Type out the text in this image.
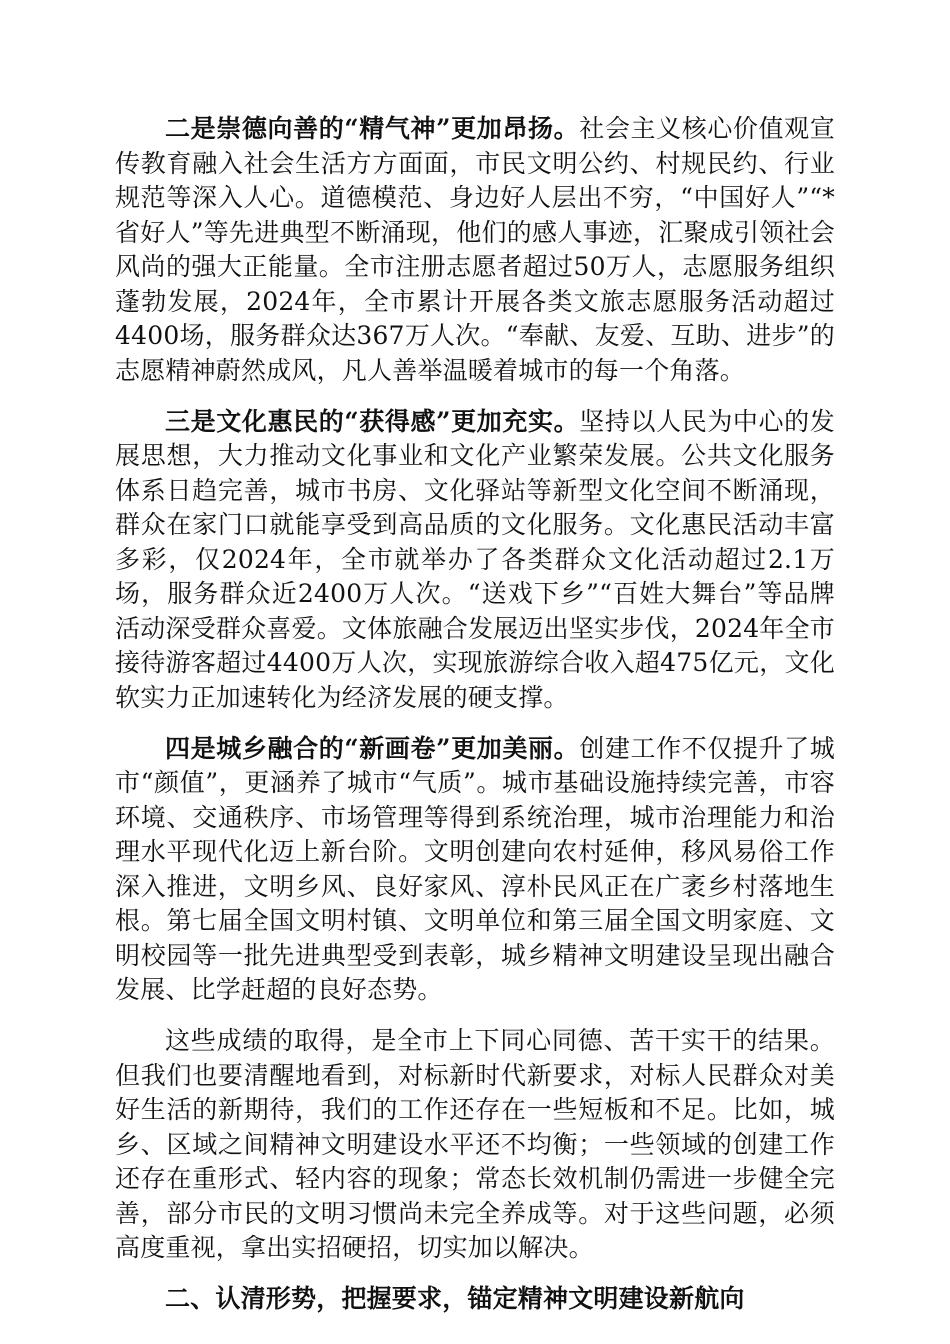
二是崇德向善的“精气神”更加昂扬。社会主义核心价值观宣传教育融入社会生活方方面面，市民文明公约、村规民约、行业规范等深入人心。道德模范、身边好人层出不穷，“中国好人”“*省好人”等先进典型不断涌现，他们的感人事迹，汇聚成引领社会风尚的强大正能量。全市注册志愿者超过50万人，志愿服务组织蓬勃发展，2024年，全市累计开展各类文旅志愿服务活动超过4400场，服务群众达367万人次。“奉献、友爱、互助、进步”的志愿精神蔚然成风，凡人善举温暖着城市的每一个角落。

三是文化惠民的“获得感”更加充实。坚持以人民为中心的发展思想，大力推动文化事业和文化产业繁荣发展。公共文化服务体系日趋完善，城市书房、文化驿站等新型文化空间不断涌现，群众在家门口就能享受到高品质的文化服务。文化惠民活动丰富多彩，仅2024年，全市就举办了各类群众文化活动超过2.1万场，服务群众近2400万人次。“送戏下乡”“百姓大舞台”等品牌活动深受群众喜爱。文体旅融合发展迈出坚实步伐，2024年全市接待游客超过4400万人次，实现旅游综合收入超475亿元，文化软实力正加速转化为经济发展的硬支撑。

四是城乡融合的“新画卷”更加美丽。创建工作不仅提升了城市“颜值”，更涵养了城市“气质”。城市基础设施持续完善，市容环境、交通秩序、市场管理等得到系统治理，城市治理能力和治理水平现代化迈上新台阶。文明创建向农村延伸，移风易俗工作深入推进，文明乡风、良好家风、淳朴民风正在广袤乡村落地生根。第七届全国文明村镇、文明单位和第三届全国文明家庭、文明校园等一批先进典型受到表彰，城乡精神文明建设呈现出融合发展、比学赶超的良好态势。

这些成绩的取得，是全市上下同心同德、苦干实干的结果。但我们也要清醒地看到，对标新时代新要求，对标人民群众对美好生活的新期待，我们的工作还存在一些短板和不足。比如，城乡、区域之间精神文明建设水平还不均衡；一些领域的创建工作还存在重形式、轻内容的现象；常态长效机制仍需进一步健全完善，部分市民的文明习惯尚未完全养成等。对于这些问题，必须高度重视，拿出实招硬招，切实加以解决。

二、认清形势，把握要求，锚定精神文明建设新航向
